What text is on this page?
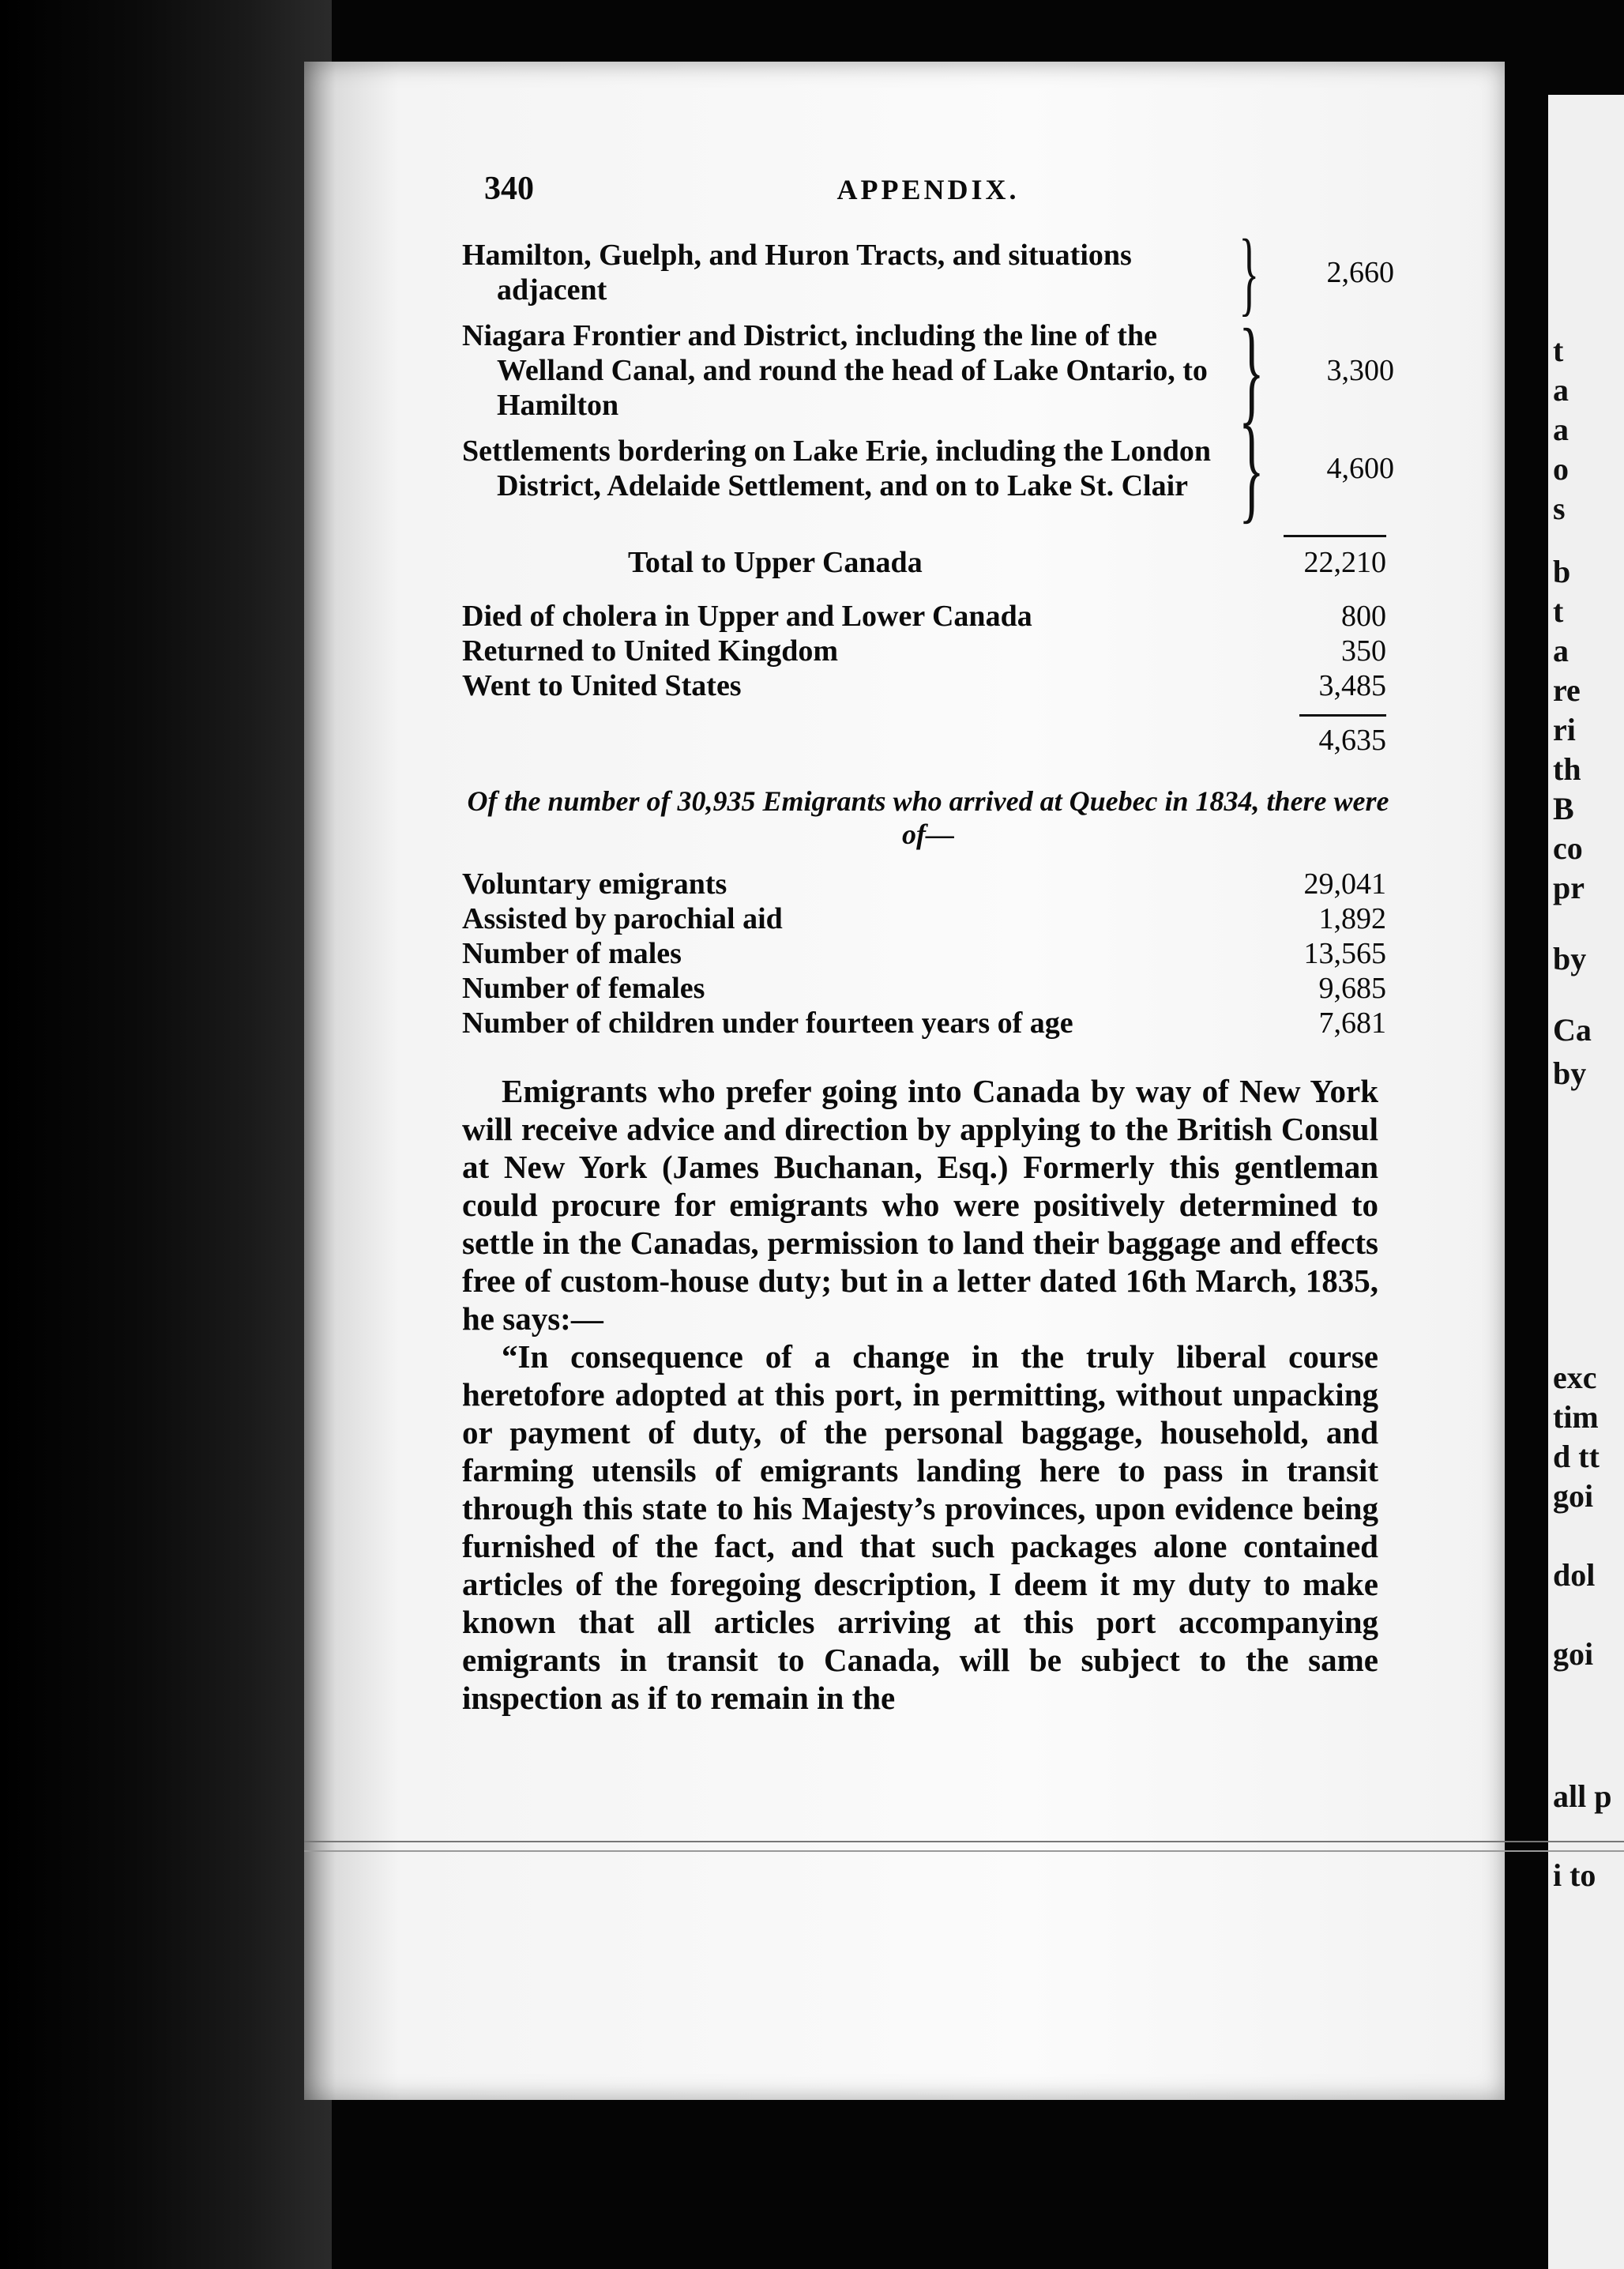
t
a
a
o
s
b
t
a
re
ri
th
B
co
pr
by
Ca
by
exc
tim
d tt
goi
dol
goi
all p
i to
340	APPENDIX.
Hamilton, Guelph, and Huron Tracts, and situations adjacent	}	2,660
Niagara Frontier and District, including the line of the Welland Canal, and round the head of Lake Ontario, to Hamilton	}	3,300
Settlements bordering on Lake Erie, including the London District, Adelaide Settlement, and on to Lake St. Clair }	4,600
Total to Upper Canada	22,210
Died of cholera in Upper and Lower Canada	800
Returned to United Kingdom	350
Went to United States	3,485
4,635
Of the number of 30,935 Emigrants who arrived at Quebec in 1834, there were of—
Voluntary emigrants	29,041
Assisted by parochial aid	1,892
Number of males	13,565
Number of females	9,685
Number of children under fourteen years of age	7,681

Emigrants who prefer going into Canada by way of New York will receive advice and direction by applying to the British Consul at New York (James Buchanan, Esq.) Formerly this gentleman could procure for emigrants who were positively determined to settle in the Canadas, permission to land their baggage and effects free of custom-house duty; but in a letter dated 16th March, 1835, he says:—

“In consequence of a change in the truly liberal course heretofore adopted at this port, in permitting, without unpacking or payment of duty, of the personal baggage, household, and farming utensils of emigrants landing here to pass in transit through this state to his Majesty’s provinces, upon evidence being furnished of the fact, and that such packages alone contained articles of the foregoing description, I deem it my duty to make known that all articles arriving at this port accompanying emigrants in transit to Canada, will be subject to the same inspection as if to remain in the
